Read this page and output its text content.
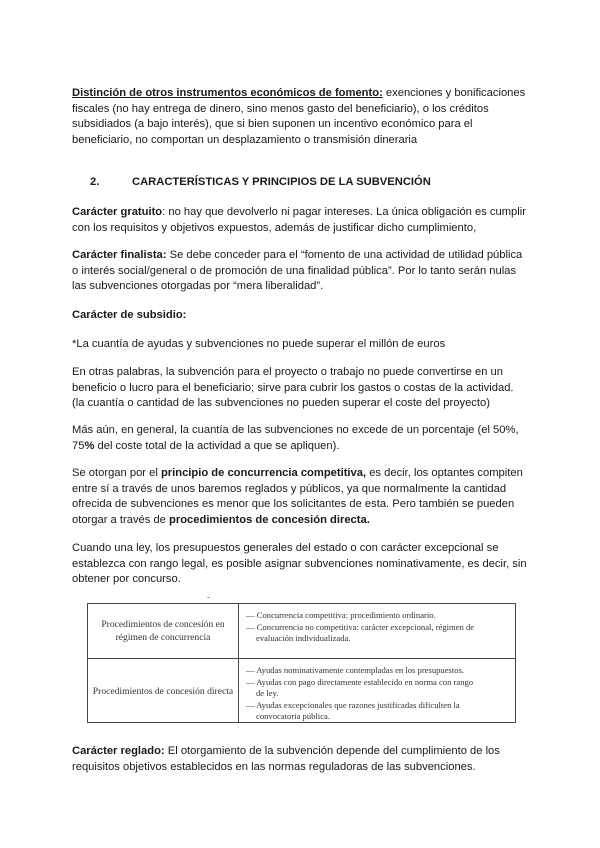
Distinción de otros instrumentos económicos de fomento: exenciones y bonificaciones fiscales (no hay entrega de dinero, sino menos gasto del beneficiario), o los créditos subsidiados (a bajo interés), que si bien suponen un incentivo económico para el beneficiario, no comportan un desplazamiento o transmisión dineraria

2.	CARACTERÍSTICAS Y PRINCIPIOS DE LA SUBVENCIÓN

Carácter gratuito: no hay que devolverlo ni pagar intereses. La única obligación es cumplir con los requisitos y objetivos expuestos, además de justificar dicho cumplimiento,

Carácter finalista: Se debe conceder para el “fomento de una actividad de utilidad pública o interés social/general o de promoción de una finalidad pública”. Por lo tanto serán nulas las subvenciones otorgadas por “mera liberalidad”.

Carácter de subsidio:

*La cuantía de ayudas y subvenciones no puede superar el millón de euros

En otras palabras, la subvención para el proyecto o trabajo no puede convertirse en un beneficio o lucro para el beneficiario; sirve para cubrir los gastos o costas de la actividad. (la cuantía o cantidad de las subvenciones no pueden superar el coste del proyecto)

Más aún, en general, la cuantía de las subvenciones no excede de un porcentaje (el 50%, 75% del coste total de la actividad a que se apliquen).

Se otorgan por el principio de concurrencia competitiva, es decir, los optantes compiten entre sí a través de unos baremos reglados y públicos, ya que normalmente la cantidad ofrecida de subvenciones es menor que los solicitantes de esta. Pero también se pueden otorgar a través de procedimientos de concesión directa.

Cuando una ley, los presupuestos generales del estado o con carácter excepcional se establezca con rango legal, es posible asignar subvenciones nominativamente, es decir, sin obtener por concurso.

-
Procedimientos de concesión en régimen de concurrencia
— Concurrencia competitiva: procedimiento ordinario.
— Concurrencia no competitiva: carácter excepcional, régimen de
evaluación individualizada.
Procedimientos de concesión directa
— Ayudas nominativamente contempladas en los presupuestos.
— Ayudas con pago directamente establecido en norma con rango
de ley.
— Ayudas excepcionales que razones justificadas dificulten la
convocatoria pública.

Carácter reglado: El otorgamiento de la subvención depende del cumplimiento de los requisitos objetivos establecidos en las normas reguladoras de las subvenciones.
